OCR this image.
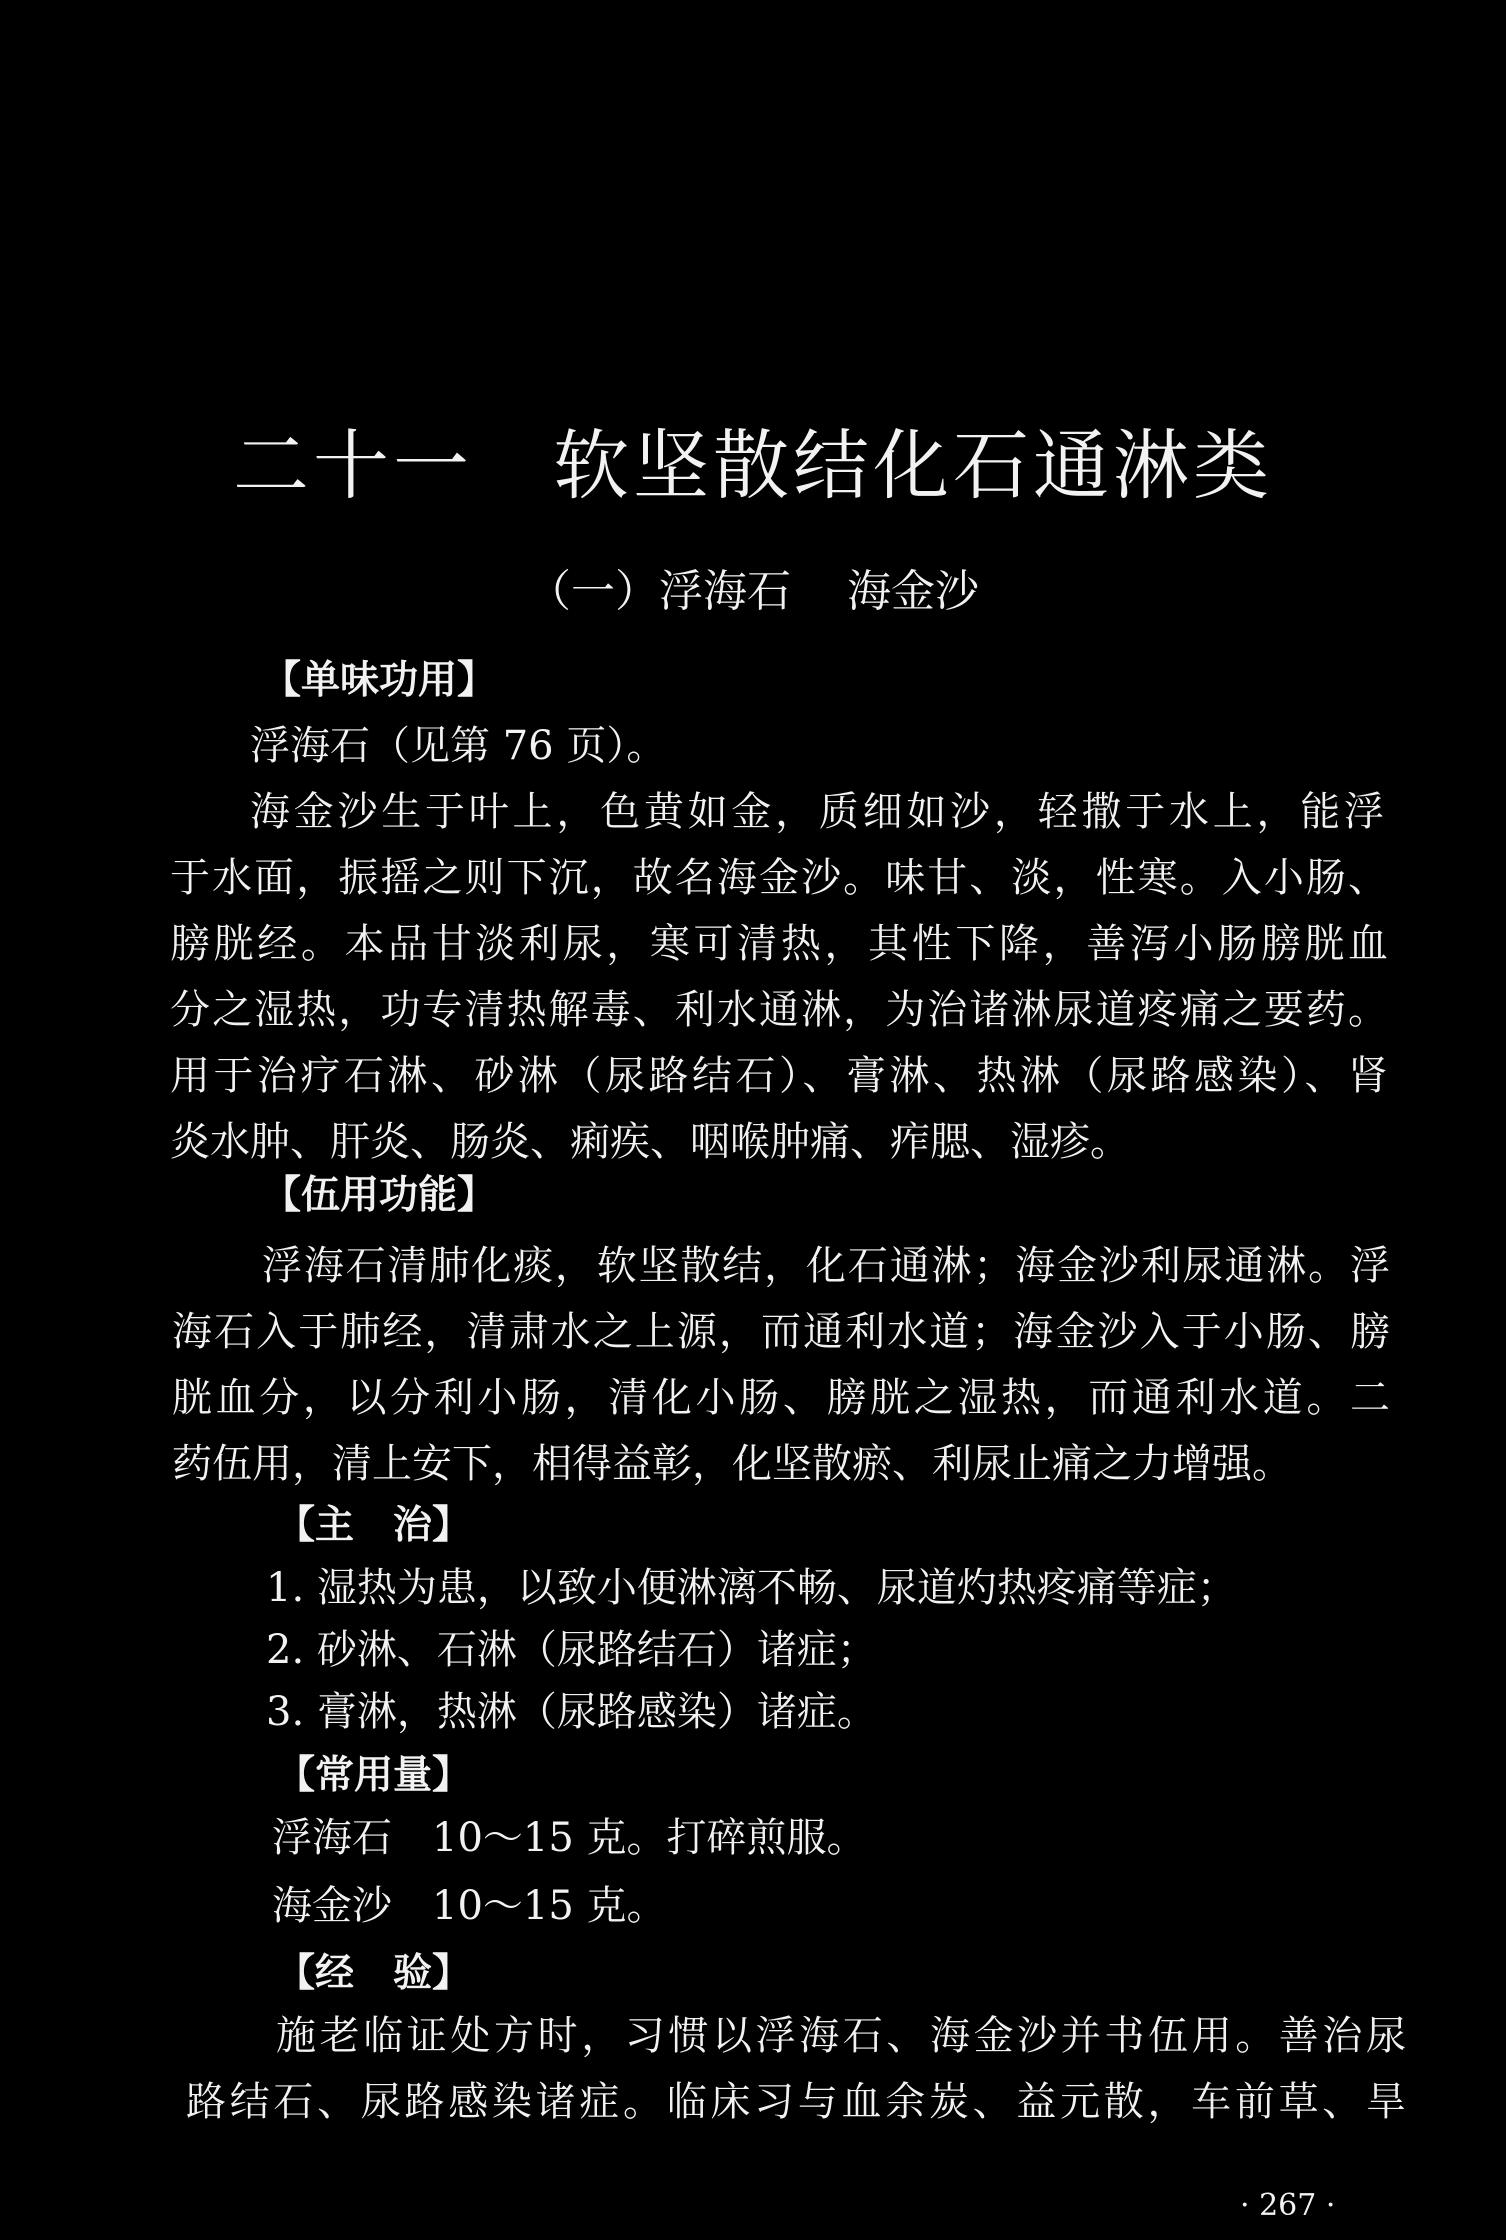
二十一 软坚散结化石通淋类
（一）浮海石 海金沙
【单味功用】
浮海石（见第 76 页）。
海金沙生于叶上，色黄如金，质细如沙，轻撒于水上，能浮
于水面，振摇之则下沉，故名海金沙。味甘、淡，性寒。入小肠、
膀胱经。本品甘淡利尿，寒可清热，其性下降，善泻小肠膀胱血
分之湿热，功专清热解毒、利水通淋，为治诸淋尿道疼痛之要药。
用于治疗石淋、砂淋（尿路结石）、膏淋、热淋（尿路感染）、肾
炎水肿、肝炎、肠炎、痢疾、咽喉肿痛、痄腮、湿疹。
【伍用功能】
浮海石清肺化痰，软坚散结，化石通淋；海金沙利尿通淋。浮
海石入于肺经，清肃水之上源，而通利水道；海金沙入于小肠、膀
胱血分，以分利小肠，清化小肠、膀胱之湿热，而通利水道。二
药伍用，清上安下，相得益彰，化坚散瘀、利尿止痛之力增强。
【主　治】
1. 湿热为患，以致小便淋漓不畅、尿道灼热疼痛等症；
2. 砂淋、石淋（尿路结石）诸症；
3. 膏淋，热淋（尿路感染）诸症。
【常用量】
浮海石　10～15 克。打碎煎服。
海金沙　10～15 克。
【经　验】
施老临证处方时，习惯以浮海石、海金沙并书伍用。善治尿
路结石、尿路感染诸症。临床习与血余炭、益元散，车前草、旱
· 267 ·
